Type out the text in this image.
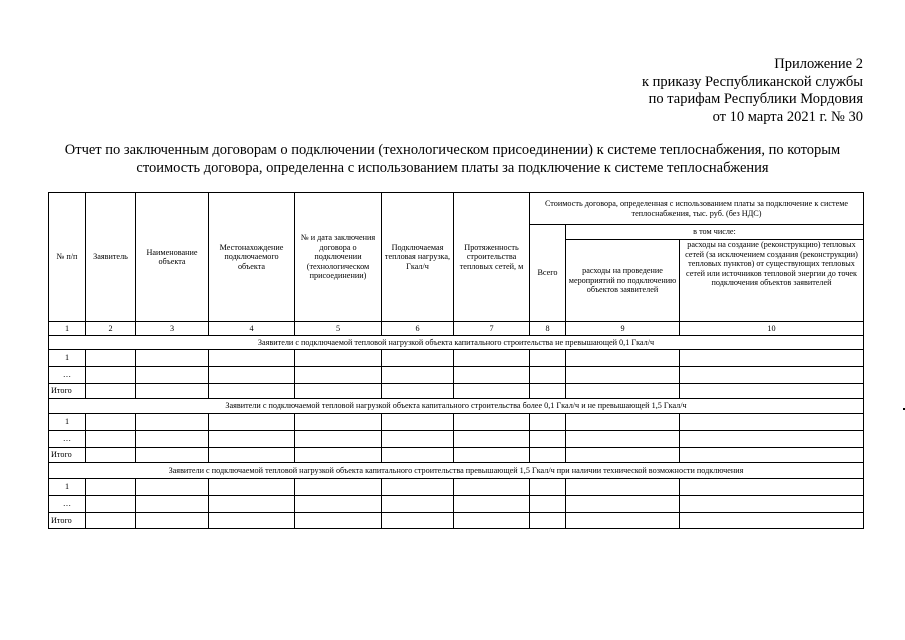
Приложение 2
к приказу Республиканской службы
по тарифам Республики Мордовия
от 10 марта 2021 г. № 30
Отчет по заключенным договорам о подключении (технологическом присоединении) к системе теплоснабжения, по которым
стоимость договора, определенна с использованием платы за подключение к системе теплоснабжения
№ п/п	Заявитель	Наименование объекта	Местонахождение подключаемого объекта	№ и дата заключения договора о подключении (технологическом присоединении)	Подключаемая тепловая нагрузка, Гкал/ч	Протяженность строительства тепловых сетей, м	Стоимость договора, определенная с использованием платы за подключение к системе теплоснабжения, тыс. руб. (без НДС)		
							Всего	в том числе:	
								расходы на проведение мероприятий по подключению объектов заявителей	расходы на создание (реконструкцию) тепловых сетей (за исключением создания (реконструкции) тепловых пунктов) от существующих тепловых сетей или источников тепловой энергии до точек подключения объектов заявителей
1	2	3	4	5	6	7	8	9	10
Заявители с подключаемой тепловой нагрузкой объекта капитального строительства не превышающей 0,1 Гкал/ч									
1									
…									
Итого									
Заявители с подключаемой тепловой нагрузкой объекта капитального строительства более 0,1 Гкал/ч и не превышающей 1,5 Гкал/ч									
1									
…									
Итого									
Заявители с подключаемой тепловой нагрузкой объекта капитального строительства превышающей 1,5 Гкал/ч при наличии технической возможности подключения									
1									
…									
Итого									
